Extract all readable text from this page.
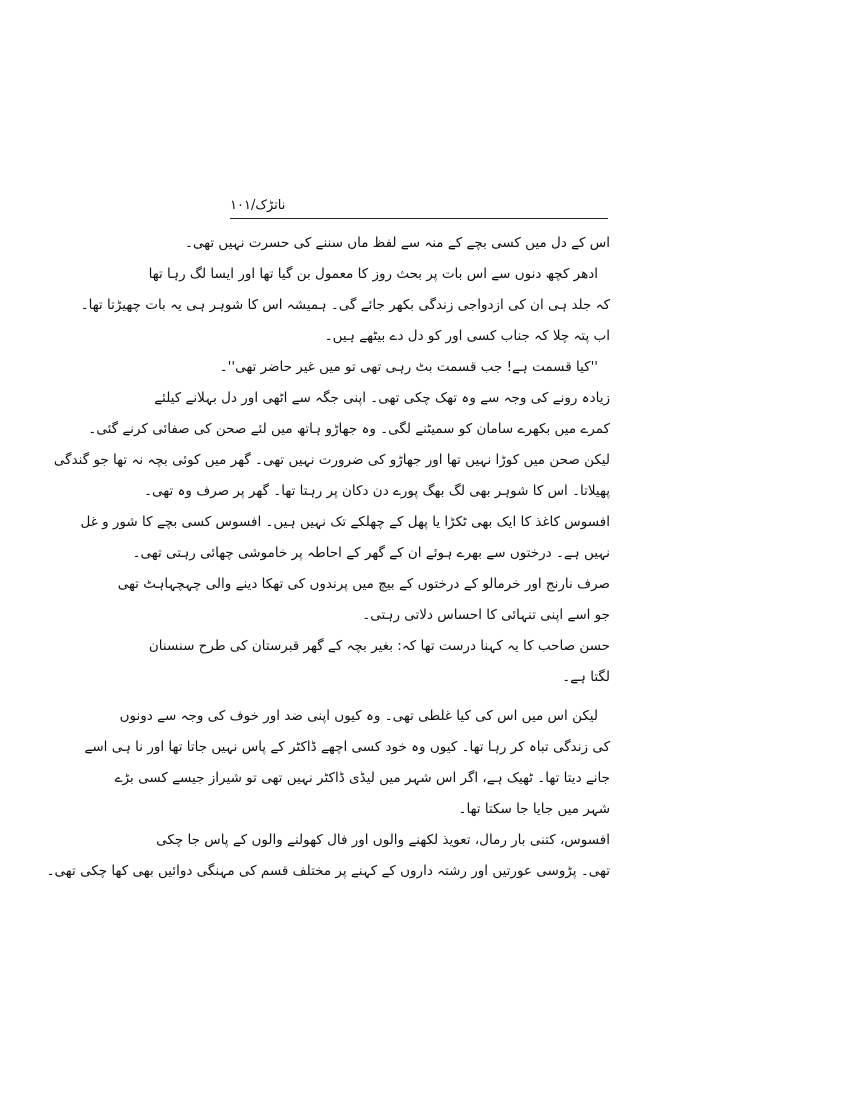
ناتڑک/۱۰۱
اس کے دل میں کسی بچے کے منہ سے لفظ ماں سننے کی حسرت نہیں تھی۔
ادھر کچھ دنوں سے اس بات پر بحث روز کا معمول بن گیا تھا اور ایسا لگ رہا تھا
کہ جلد ہی ان کی ازدواجی زندگی بکھر جائے گی۔ ہمیشہ اس کا شوہر ہی یہ بات چھیڑتا تھا۔
اب پتہ چلا کہ جناب کسی اور کو دل دے بیٹھے ہیں۔
''کیا قسمت ہے! جب قسمت بٹ رہی تھی تو میں غیر حاضر تھی''۔
زیادہ رونے کی وجہ سے وہ تھک چکی تھی۔ اپنی جگہ سے اٹھی اور دل بہلانے کیلئے
کمرے میں بکھرے سامان کو سمیٹنے لگی۔ وہ جھاڑو ہاتھ میں لئے صحن کی صفائی کرنے گئی۔
لیکن صحن میں کوڑا نہیں تھا اور جھاڑو کی ضرورت نہیں تھی۔ گھر میں کوئی بچہ نہ تھا جو گندگی
پھیلاتا۔ اس کا شوہر بھی لگ بھگ پورے دن دکان پر رہتا تھا۔ گھر پر صرف وہ تھی۔
افسوس کاغذ کا ایک بھی ٹکڑا یا پھل کے چھلکے تک نہیں ہیں۔ افسوس کسی بچے کا شور و غل
نہیں ہے۔ درختوں سے بھرے ہوئے ان کے گھر کے احاطہ پر خاموشی چھائی رہتی تھی۔
صرف نارنج اور خرمالو کے درختوں کے بیچ میں پرندوں کی تھکا دینے والی چہچہاہٹ تھی
جو اسے اپنی تنہائی کا احساس دلاتی رہتی۔
حسن صاحب کا یہ کہنا درست تھا کہ: بغیر بچہ کے گھر قبرستان کی طرح سنسنان
لگتا ہے۔
لیکن اس میں اس کی کیا غلطی تھی۔ وہ کیوں اپنی ضد اور خوف کی وجہ سے دونوں
کی زندگی تباہ کر رہا تھا۔ کیوں وہ خود کسی اچھے ڈاکٹر کے پاس نہیں جاتا تھا اور نا ہی اسے
جانے دیتا تھا۔ ٹھیک ہے، اگر اس شہر میں لیڈی ڈاکٹر نہیں تھی تو شیراز جیسے کسی بڑے
شہر میں جایا جا سکتا تھا۔
افسوس، کتنی بار رمال، تعویذ لکھنے والوں اور فال کھولنے والوں کے پاس جا چکی
تھی۔ پڑوسی عورتیں اور رشتہ داروں کے کہنے پر مختلف قسم کی مہنگی دوائیں بھی کھا چکی تھی۔
